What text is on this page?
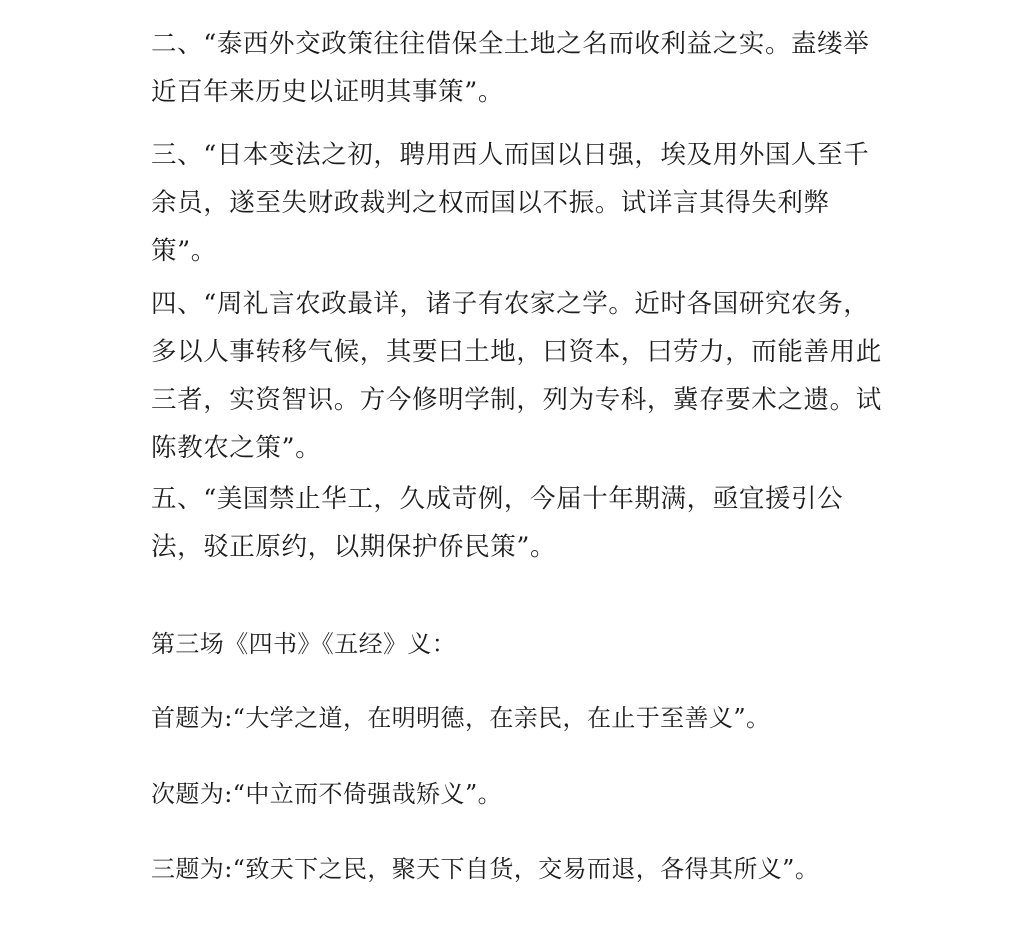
二、“泰西外交政策往往借保全土地之名而收利益之实。盍缕举
近百年来历史以证明其事策”。
三、“日本变法之初，聘用西人而国以日强，埃及用外国人至千
余员，遂至失财政裁判之权而国以不振。试详言其得失利弊
策”。
四、“周礼言农政最详，诸子有农家之学。近时各国研究农务，
多以人事转移气候，其要曰土地，曰资本，曰劳力，而能善用此
三者，实资智识。方今修明学制，列为专科，冀存要术之遗。试
陈教农之策”。
五、“美国禁止华工，久成苛例，今届十年期满，亟宜援引公
法，驳正原约，以期保护侨民策”。
第三场《四书》《五经》义：
首题为:“大学之道，在明明德，在亲民，在止于至善义”。
次题为:“中立而不倚强哉矫义”。
三题为:“致天下之民，聚天下自货，交易而退，各得其所义”。
